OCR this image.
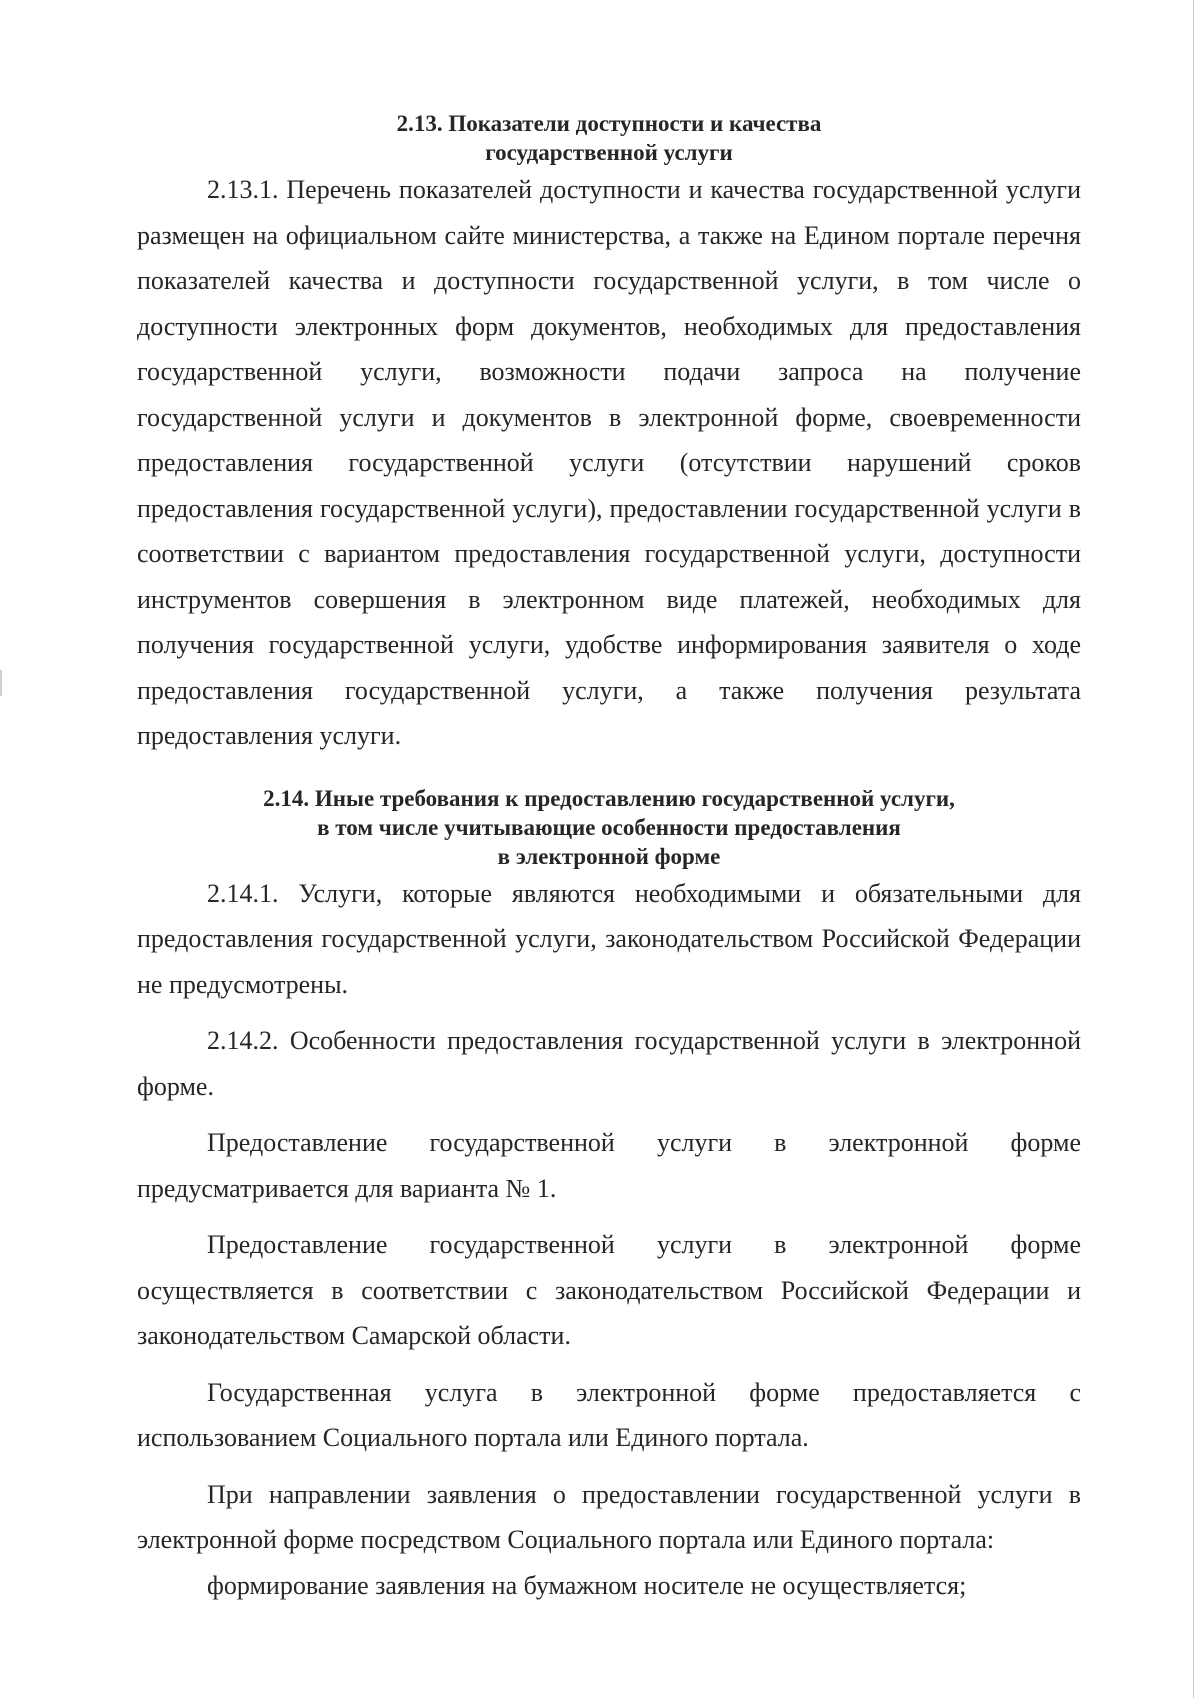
2.13. Показатели доступности и качества
государственной услуги

2.13.1. Перечень показателей доступности и качества государственной услуги размещен на официальном сайте министерства, а также на Едином портале перечня показателей качества и доступности государственной услуги, в том числе о доступности электронных форм документов, необходимых для предоставления государственной услуги, возможности подачи запроса на получение государственной услуги и документов в электронной форме, своевременности предоставления государственной услуги (отсутствии нарушений сроков предоставления государственной услуги), предоставлении государственной услуги в соответствии с вариантом предоставления государственной услуги, доступности инструментов совершения в электронном виде платежей, необходимых для получения государственной услуги, удобстве информирования заявителя о ходе предоставления государственной услуги, а также получения результата предоставления услуги.

2.14. Иные требования к предоставлению государственной услуги,
в том числе учитывающие особенности предоставления
в электронной форме

2.14.1. Услуги, которые являются необходимыми и обязательными для предоставления государственной услуги, законодательством Российской Федерации не предусмотрены.

2.14.2. Особенности предоставления государственной услуги в электронной форме.

Предоставление государственной услуги в электронной форме предусматривается для варианта № 1.

Предоставление государственной услуги в электронной форме осуществляется в соответствии с законодательством Российской Федерации и законодательством Самарской области.

Государственная услуга в электронной форме предоставляется с использованием Социального портала или Единого портала.

При направлении заявления о предоставлении государственной услуги в электронной форме посредством Социального портала или Единого портала:

формирование заявления на бумажном носителе не осуществляется;
